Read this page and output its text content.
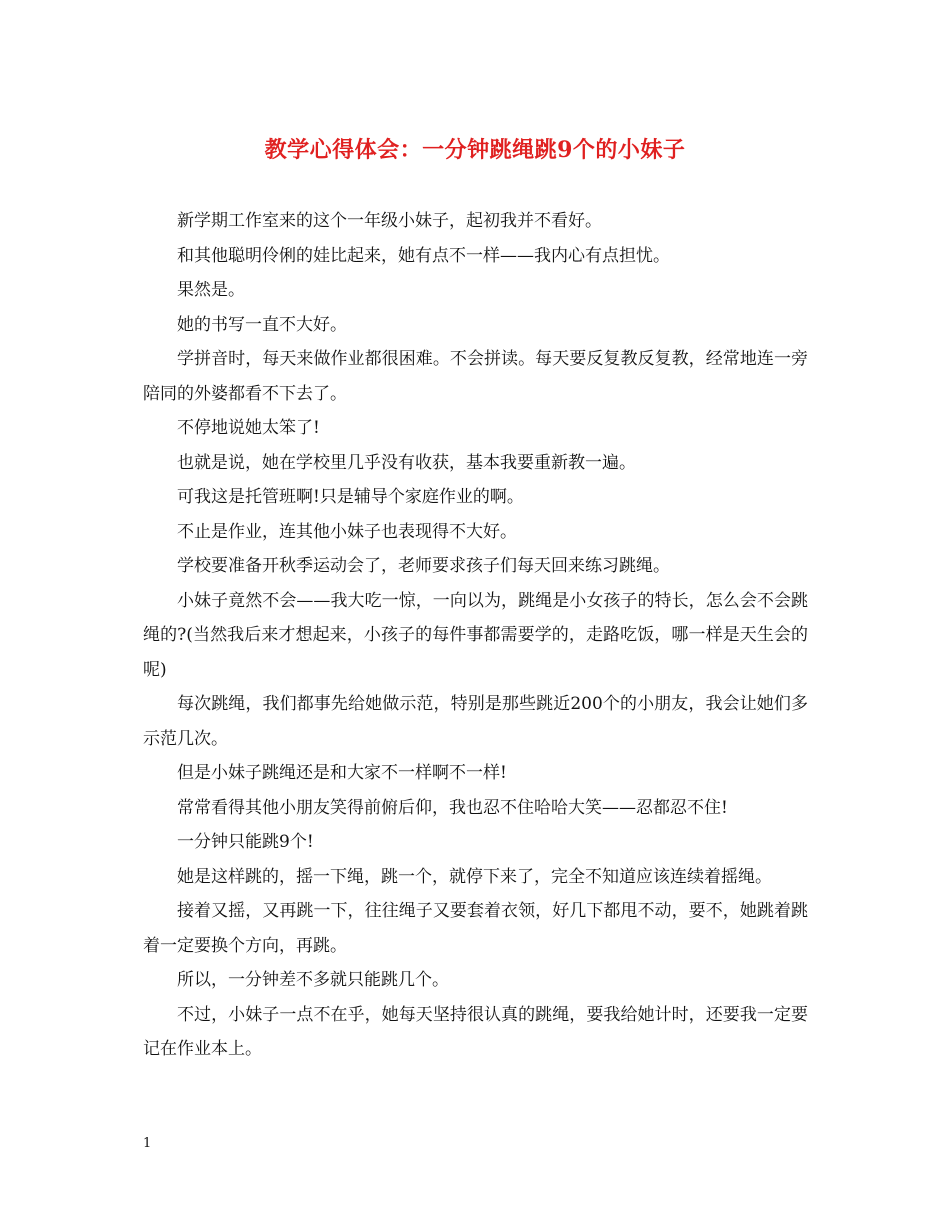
教学心得体会：一分钟跳绳跳9个的小妹子

新学期工作室来的这个一年级小妹子，起初我并不看好。

和其他聪明伶俐的娃比起来，她有点不一样——我内心有点担忧。

果然是。

她的书写一直不大好。

学拼音时，每天来做作业都很困难。不会拼读。每天要反复教反复教，经常地连一旁陪同的外婆都看不下去了。

不停地说她太笨了!

也就是说，她在学校里几乎没有收获，基本我要重新教一遍。

可我这是托管班啊!只是辅导个家庭作业的啊。

不止是作业，连其他小妹子也表现得不大好。

学校要准备开秋季运动会了，老师要求孩子们每天回来练习跳绳。

小妹子竟然不会——我大吃一惊，一向以为，跳绳是小女孩子的特长，怎么会不会跳绳的?(当然我后来才想起来，小孩子的每件事都需要学的，走路吃饭，哪一样是天生会的呢)

每次跳绳，我们都事先给她做示范，特别是那些跳近200个的小朋友，我会让她们多示范几次。

但是小妹子跳绳还是和大家不一样啊不一样!

常常看得其他小朋友笑得前俯后仰，我也忍不住哈哈大笑——忍都忍不住!

一分钟只能跳9个!

她是这样跳的，摇一下绳，跳一个，就停下来了，完全不知道应该连续着摇绳。

接着又摇，又再跳一下，往往绳子又要套着衣领，好几下都甩不动，要不，她跳着跳着一定要换个方向，再跳。

所以，一分钟差不多就只能跳几个。

不过，小妹子一点不在乎，她每天坚持很认真的跳绳，要我给她计时，还要我一定要记在作业本上。

1
